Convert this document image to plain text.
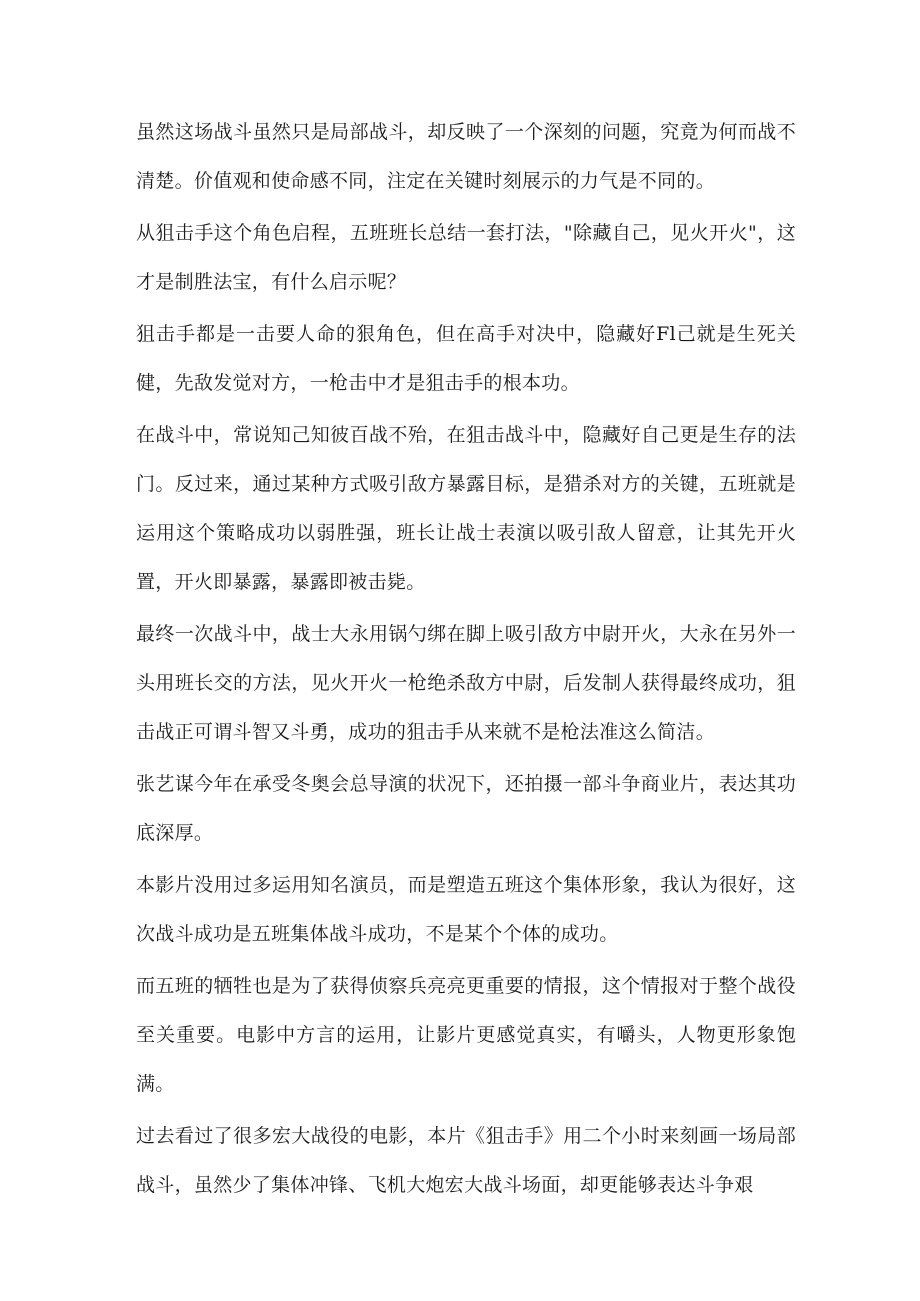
虽然这场战斗虽然只是局部战斗，却反映了一个深刻的问题，究竟为何而战不清楚。价值观和使命感不同，注定在关键时刻展示的力气是不同的。

从狙击手这个角色启程，五班班长总结一套打法，"除藏自己，见火开火"，这才是制胜法宝，有什么启示呢？

狙击手都是一击要人命的狠角色，但在高手对决中，隐藏好Fl己就是生死关健，先敌发觉对方，一枪击中才是狙击手的根本功。

在战斗中，常说知己知彼百战不殆，在狙击战斗中，隐藏好自己更是生存的法门。反过来，通过某种方式吸引敌方暴露目标，是猎杀对方的关键，五班就是运用这个策略成功以弱胜强，班长让战士表演以吸引敌人留意，让其先开火置，开火即暴露，暴露即被击毙。

最终一次战斗中，战士大永用锅勺绑在脚上吸引敌方中尉开火，大永在另外一头用班长交的方法，见火开火一枪绝杀敌方中尉，后发制人获得最终成功，狙击战正可谓斗智又斗勇，成功的狙击手从来就不是枪法准这么简洁。

张艺谋今年在承受冬奥会总导演的状况下，还拍摄一部斗争商业片，表达其功底深厚。

本影片没用过多运用知名演员，而是塑造五班这个集体形象，我认为很好，这次战斗成功是五班集体战斗成功，不是某个个体的成功。

而五班的牺牲也是为了获得侦察兵亮亮更重要的情报，这个情报对于整个战役至关重要。电影中方言的运用，让影片更感觉真实，有嚼头，人物更形象饱满。

过去看过了很多宏大战役的电影，本片《狙击手》用二个小时来刻画一场局部战斗，虽然少了集体冲锋、飞机大炮宏大战斗场面，却更能够表达斗争艰
